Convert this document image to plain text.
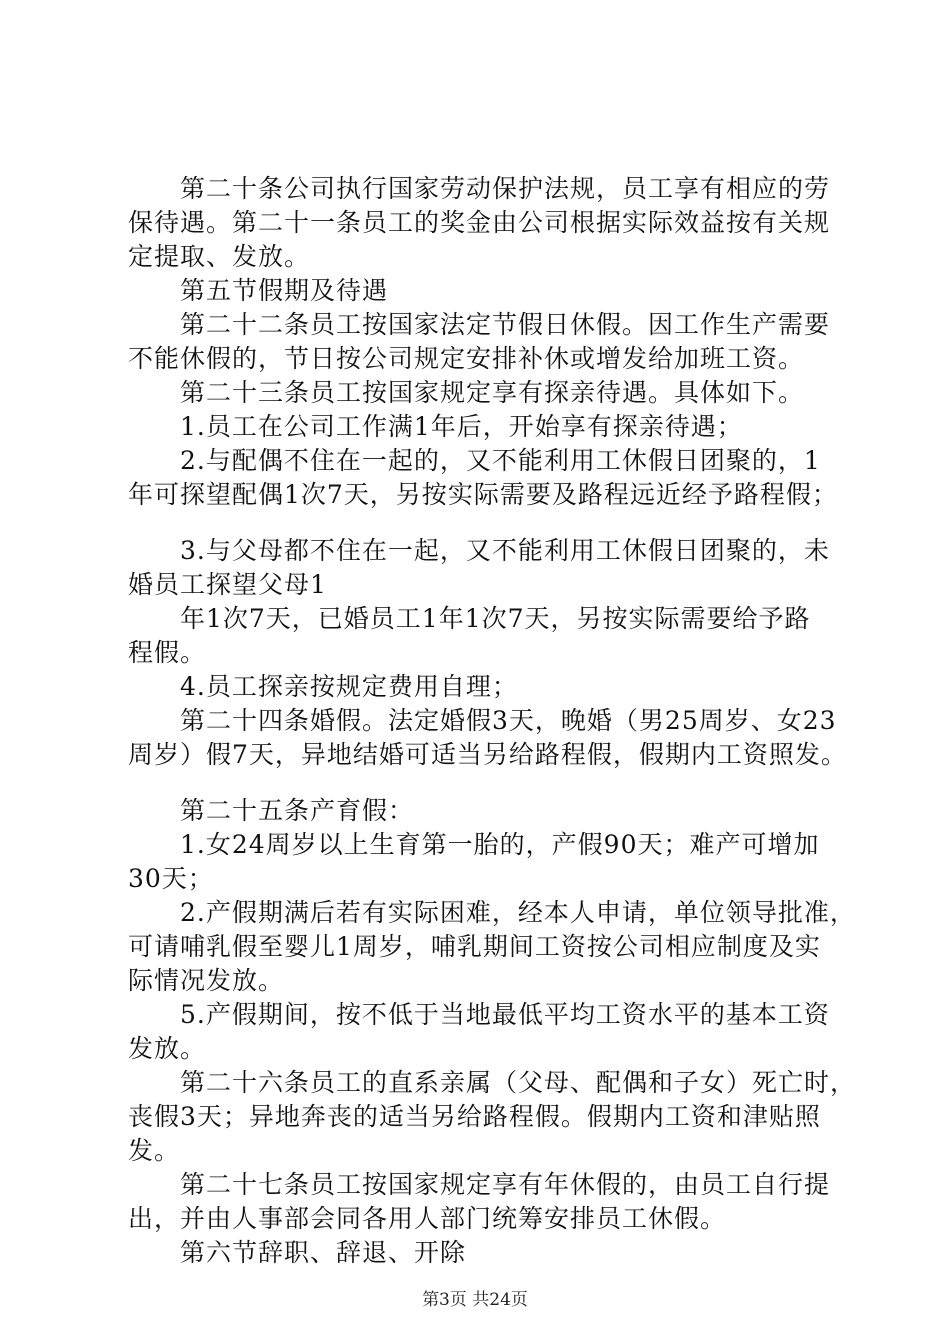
第二十条公司执行国家劳动保护法规，员工享有相应的劳
保待遇。第二十一条员工的奖金由公司根据实际效益按有关规
定提取、发放。
第五节假期及待遇
第二十二条员工按国家法定节假日休假。因工作生产需要
不能休假的，节日按公司规定安排补休或增发给加班工资。
第二十三条员工按国家规定享有探亲待遇。具体如下。
1.员工在公司工作满1年后，开始享有探亲待遇；
2.与配偶不住在一起的，又不能利用工休假日团聚的，1
年可探望配偶1次7天，另按实际需要及路程远近经予路程假；
3.与父母都不住在一起，又不能利用工休假日团聚的，未
婚员工探望父母1
年1次7天，已婚员工1年1次7天，另按实际需要给予路
程假。
4.员工探亲按规定费用自理；
第二十四条婚假。法定婚假3天，晚婚（男25周岁、女23
周岁）假7天，异地结婚可适当另给路程假，假期内工资照发。
第二十五条产育假：
1.女24周岁以上生育第一胎的，产假90天；难产可增加
30天；
2.产假期满后若有实际困难，经本人申请，单位领导批准，
可请哺乳假至婴儿1周岁，哺乳期间工资按公司相应制度及实
际情况发放。
5.产假期间，按不低于当地最低平均工资水平的基本工资
发放。
第二十六条员工的直系亲属（父母、配偶和子女）死亡时，
丧假3天；异地奔丧的适当另给路程假。假期内工资和津贴照
发。
第二十七条员工按国家规定享有年休假的，由员工自行提
出，并由人事部会同各用人部门统筹安排员工休假。
第六节辞职、辞退、开除
第3页 共24页
